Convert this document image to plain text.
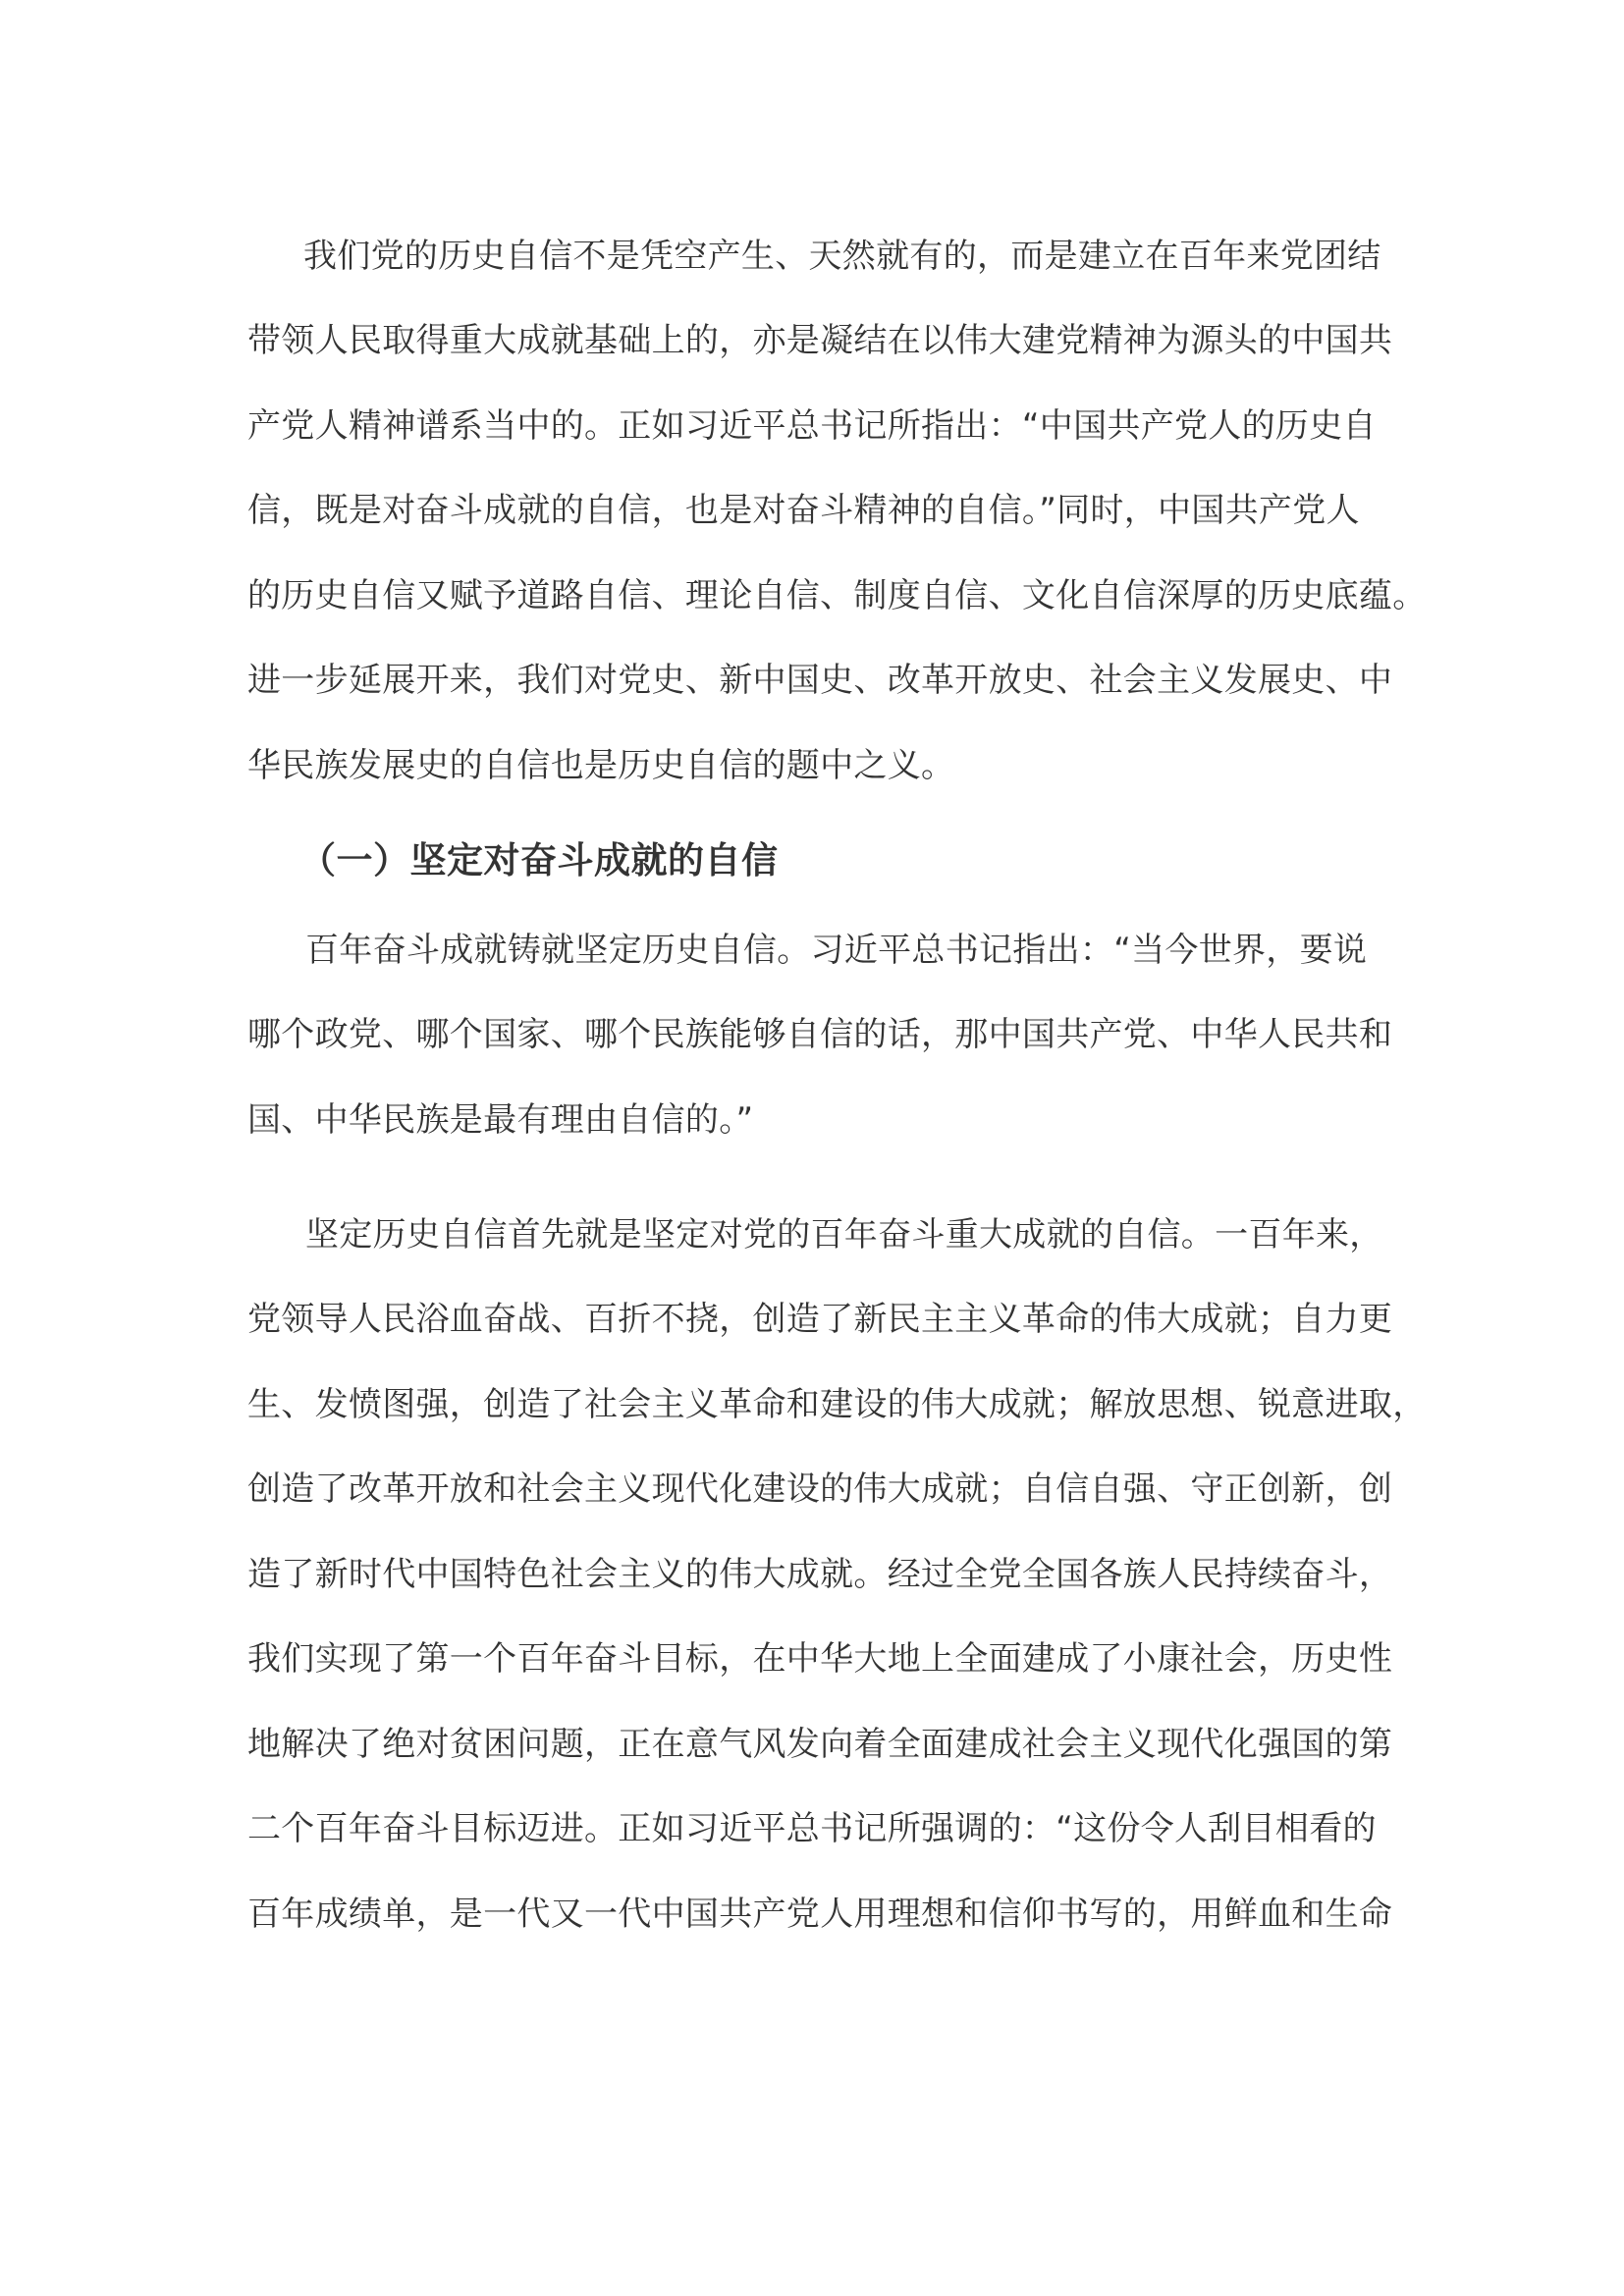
我们党的历史自信不是凭空产生、天然就有的，而是建立在百年来党团结
带领人民取得重大成就基础上的，亦是凝结在以伟大建党精神为源头的中国共
产党人精神谱系当中的。正如习近平总书记所指出：“中国共产党人的历史自
信，既是对奋斗成就的自信，也是对奋斗精神的自信。”同时，中国共产党人
的历史自信又赋予道路自信、理论自信、制度自信、文化自信深厚的历史底蕴。
进一步延展开来，我们对党史、新中国史、改革开放史、社会主义发展史、中
华民族发展史的自信也是历史自信的题中之义。
（一）坚定对奋斗成就的自信
百年奋斗成就铸就坚定历史自信。习近平总书记指出：“当今世界，要说
哪个政党、哪个国家、哪个民族能够自信的话，那中国共产党、中华人民共和
国、中华民族是最有理由自信的。”
坚定历史自信首先就是坚定对党的百年奋斗重大成就的自信。一百年来，
党领导人民浴血奋战、百折不挠，创造了新民主主义革命的伟大成就；自力更
生、发愤图强，创造了社会主义革命和建设的伟大成就；解放思想、锐意进取，
创造了改革开放和社会主义现代化建设的伟大成就；自信自强、守正创新，创
造了新时代中国特色社会主义的伟大成就。经过全党全国各族人民持续奋斗，
我们实现了第一个百年奋斗目标，在中华大地上全面建成了小康社会，历史性
地解决了绝对贫困问题，正在意气风发向着全面建成社会主义现代化强国的第
二个百年奋斗目标迈进。正如习近平总书记所强调的：“这份令人刮目相看的
百年成绩单，是一代又一代中国共产党人用理想和信仰书写的，用鲜血和生命
